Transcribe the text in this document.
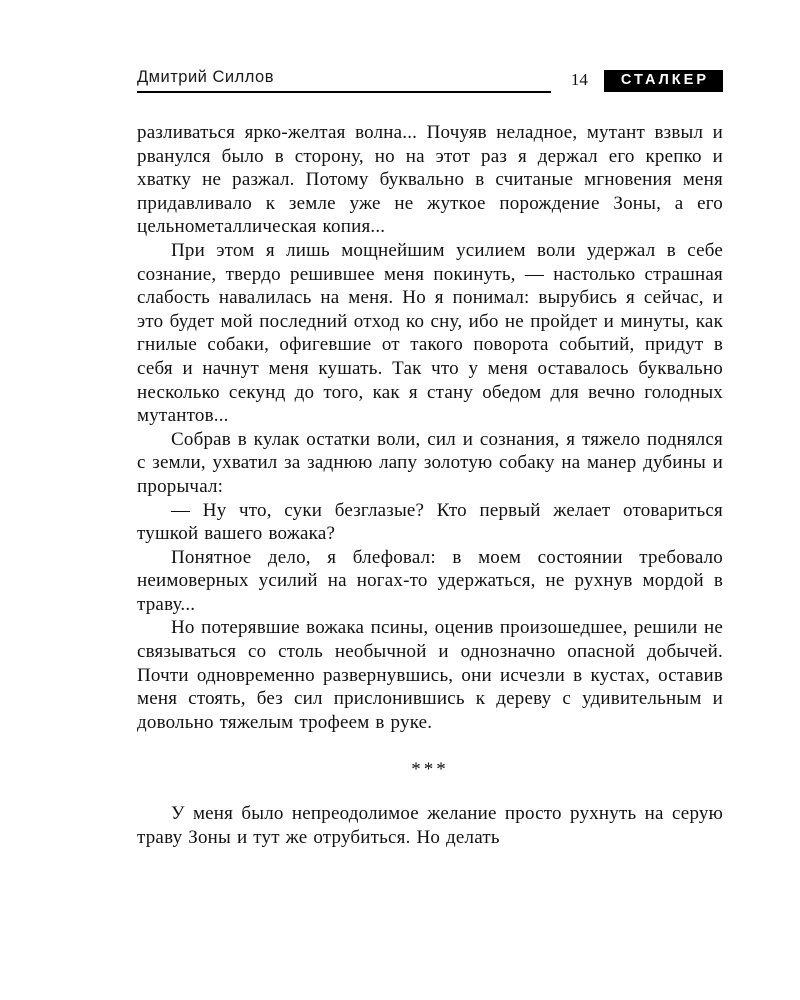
Дмитрий Силлов	14	СТАЛКЕР

разливаться ярко-желтая волна... Почуяв неладное, мутант взвыл и рванулся было в сторону, но на этот раз я держал его крепко и хватку не разжал. Потому буквально в считаные мгновения меня придавливало к земле уже не жуткое порождение Зоны, а его цельнометаллическая копия...

При этом я лишь мощнейшим усилием воли удержал в себе сознание, твердо решившее меня покинуть, — настолько страшная слабость навалилась на меня. Но я понимал: вырубись я сейчас, и это будет мой последний отход ко сну, ибо не пройдет и минуты, как гнилые собаки, офигевшие от такого поворота событий, придут в себя и начнут меня кушать. Так что у меня оставалось буквально несколько секунд до того, как я стану обедом для вечно голодных мутантов...

Собрав в кулак остатки воли, сил и сознания, я тяжело поднялся с земли, ухватил за заднюю лапу золотую собаку на манер дубины и прорычал:

— Ну что, суки безглазые? Кто первый желает отовариться тушкой вашего вожака?

Понятное дело, я блефовал: в моем состоянии требовало неимоверных усилий на ногах-то удержаться, не рухнув мордой в траву...

Но потерявшие вожака псины, оценив произошедшее, решили не связываться со столь необычной и однозначно опасной добычей. Почти одновременно развернувшись, они исчезли в кустах, оставив меня стоять, без сил прислонившись к дереву с удивительным и довольно тяжелым трофеем в руке.

***

У меня было непреодолимое желание просто рухнуть на серую траву Зоны и тут же отрубиться. Но делать
